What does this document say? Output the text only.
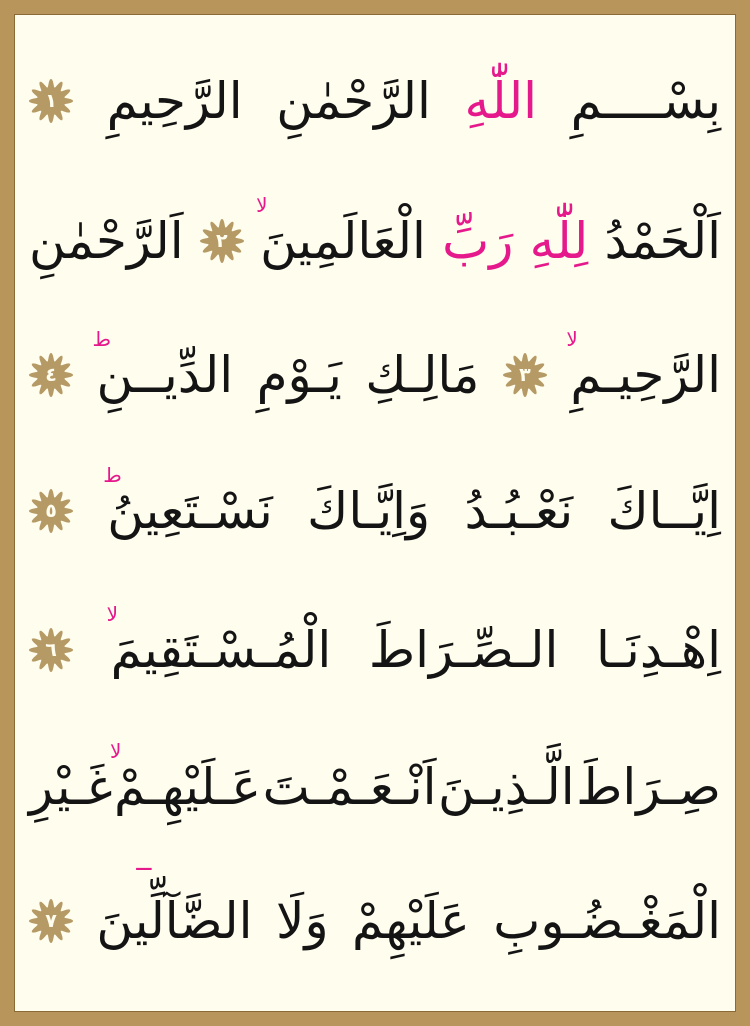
بِسْــــمِ
اللّٰهِ
الرَّحْمٰنِ
الرَّحِيمِ
١
اَلْحَمْدُ
لِلّٰهِ
رَبِّ
الْعَالَمِينَ
لا
٢
اَلرَّحْمٰنِ
الرَّحِيـمِ
لا
٣
مَالِـكِ
يَـوْمِ
الدِّيــنِ
ط
٤
اِيَّــاكَ
نَعْـبُـدُ
وَاِيَّـاكَ
نَسْـتَعِينُ
ط
٥
اِهْـدِنَـا
الـصِّـرَاطَ
الْمُـسْـتَقِيمَ
لا
٦
صِـرَاطَ
الَّـذِيـنَ
اَنْـعَـمْـتَ
عَـلَيْهِـمْ
لا
غَـيْرِ
الْمَغْـضُـوبِ
عَلَيْهِمْ
وَلَا
الضَّآلِّينَ
‾
٧
